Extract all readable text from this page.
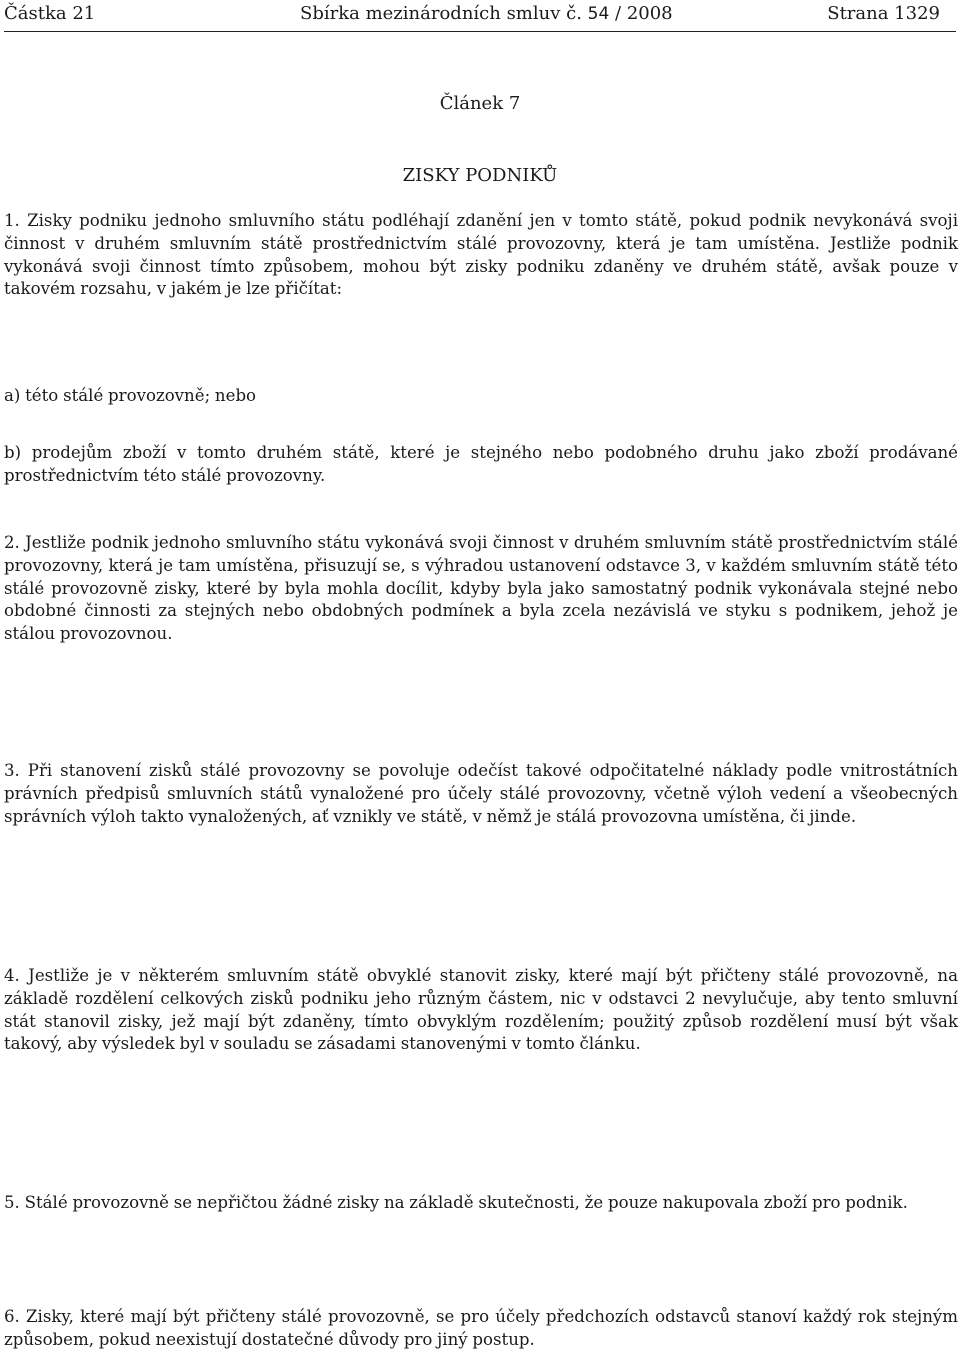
Částka 21	Sbírka mezinárodních smluv č. 54 / 2008	Strana 1329
Článek 7
ZISKY PODNIKŮ

1. Zisky podniku jednoho smluvního státu podléhají zdanění jen v tomto státě, pokud podnik nevykonává svoji činnost v druhém smluvním státě prostřednictvím stálé provozovny, která je tam umístěna. Jestliže podnik vykonává svoji činnost tímto způsobem, mohou být zisky podniku zdaněny ve druhém státě, avšak pouze v takovém rozsahu, v jakém je lze přičítat:

a) této stálé provozovně; nebo

b) prodejům zboží v tomto druhém státě, které je stejného nebo podobného druhu jako zboží prodávané prostřednictvím této stálé provozovny.

2. Jestliže podnik jednoho smluvního státu vykonává svoji činnost v druhém smluvním státě prostřednictvím stálé provozovny, která je tam umístěna, přisuzují se, s výhradou ustanovení odstavce 3, v každém smluvním státě této stálé provozovně zisky, které by byla mohla docílit, kdyby byla jako samostatný podnik vykonávala stejné nebo obdobné činnosti za stejných nebo obdobných podmínek a byla zcela nezávislá ve styku s podnikem, jehož je stálou provozovnou.

3. Při stanovení zisků stálé provozovny se povoluje odečíst takové odpočitatelné náklady podle vnitrostátních právních předpisů smluvních států vynaložené pro účely stálé provozovny, včetně výloh vedení a všeobecných správních výloh takto vynaložených, ať vznikly ve státě, v němž je stálá provozovna umístěna, či jinde.

4. Jestliže je v některém smluvním státě obvyklé stanovit zisky, které mají být přičteny stálé provozovně, na základě rozdělení celkových zisků podniku jeho různým částem, nic v odstavci 2 nevylučuje, aby tento smluvní stát stanovil zisky, jež mají být zdaněny, tímto obvyklým rozdělením; použitý způsob rozdělení musí být však takový, aby výsledek byl v souladu se zásadami stanovenými v tomto článku.

5. Stálé provozovně se nepřičtou žádné zisky na základě skutečnosti, že pouze nakupovala zboží pro podnik.

6. Zisky, které mají být přičteny stálé provozovně, se pro účely předchozích odstavců stanoví každý rok stejným způsobem, pokud neexistují dostatečné důvody pro jiný postup.
